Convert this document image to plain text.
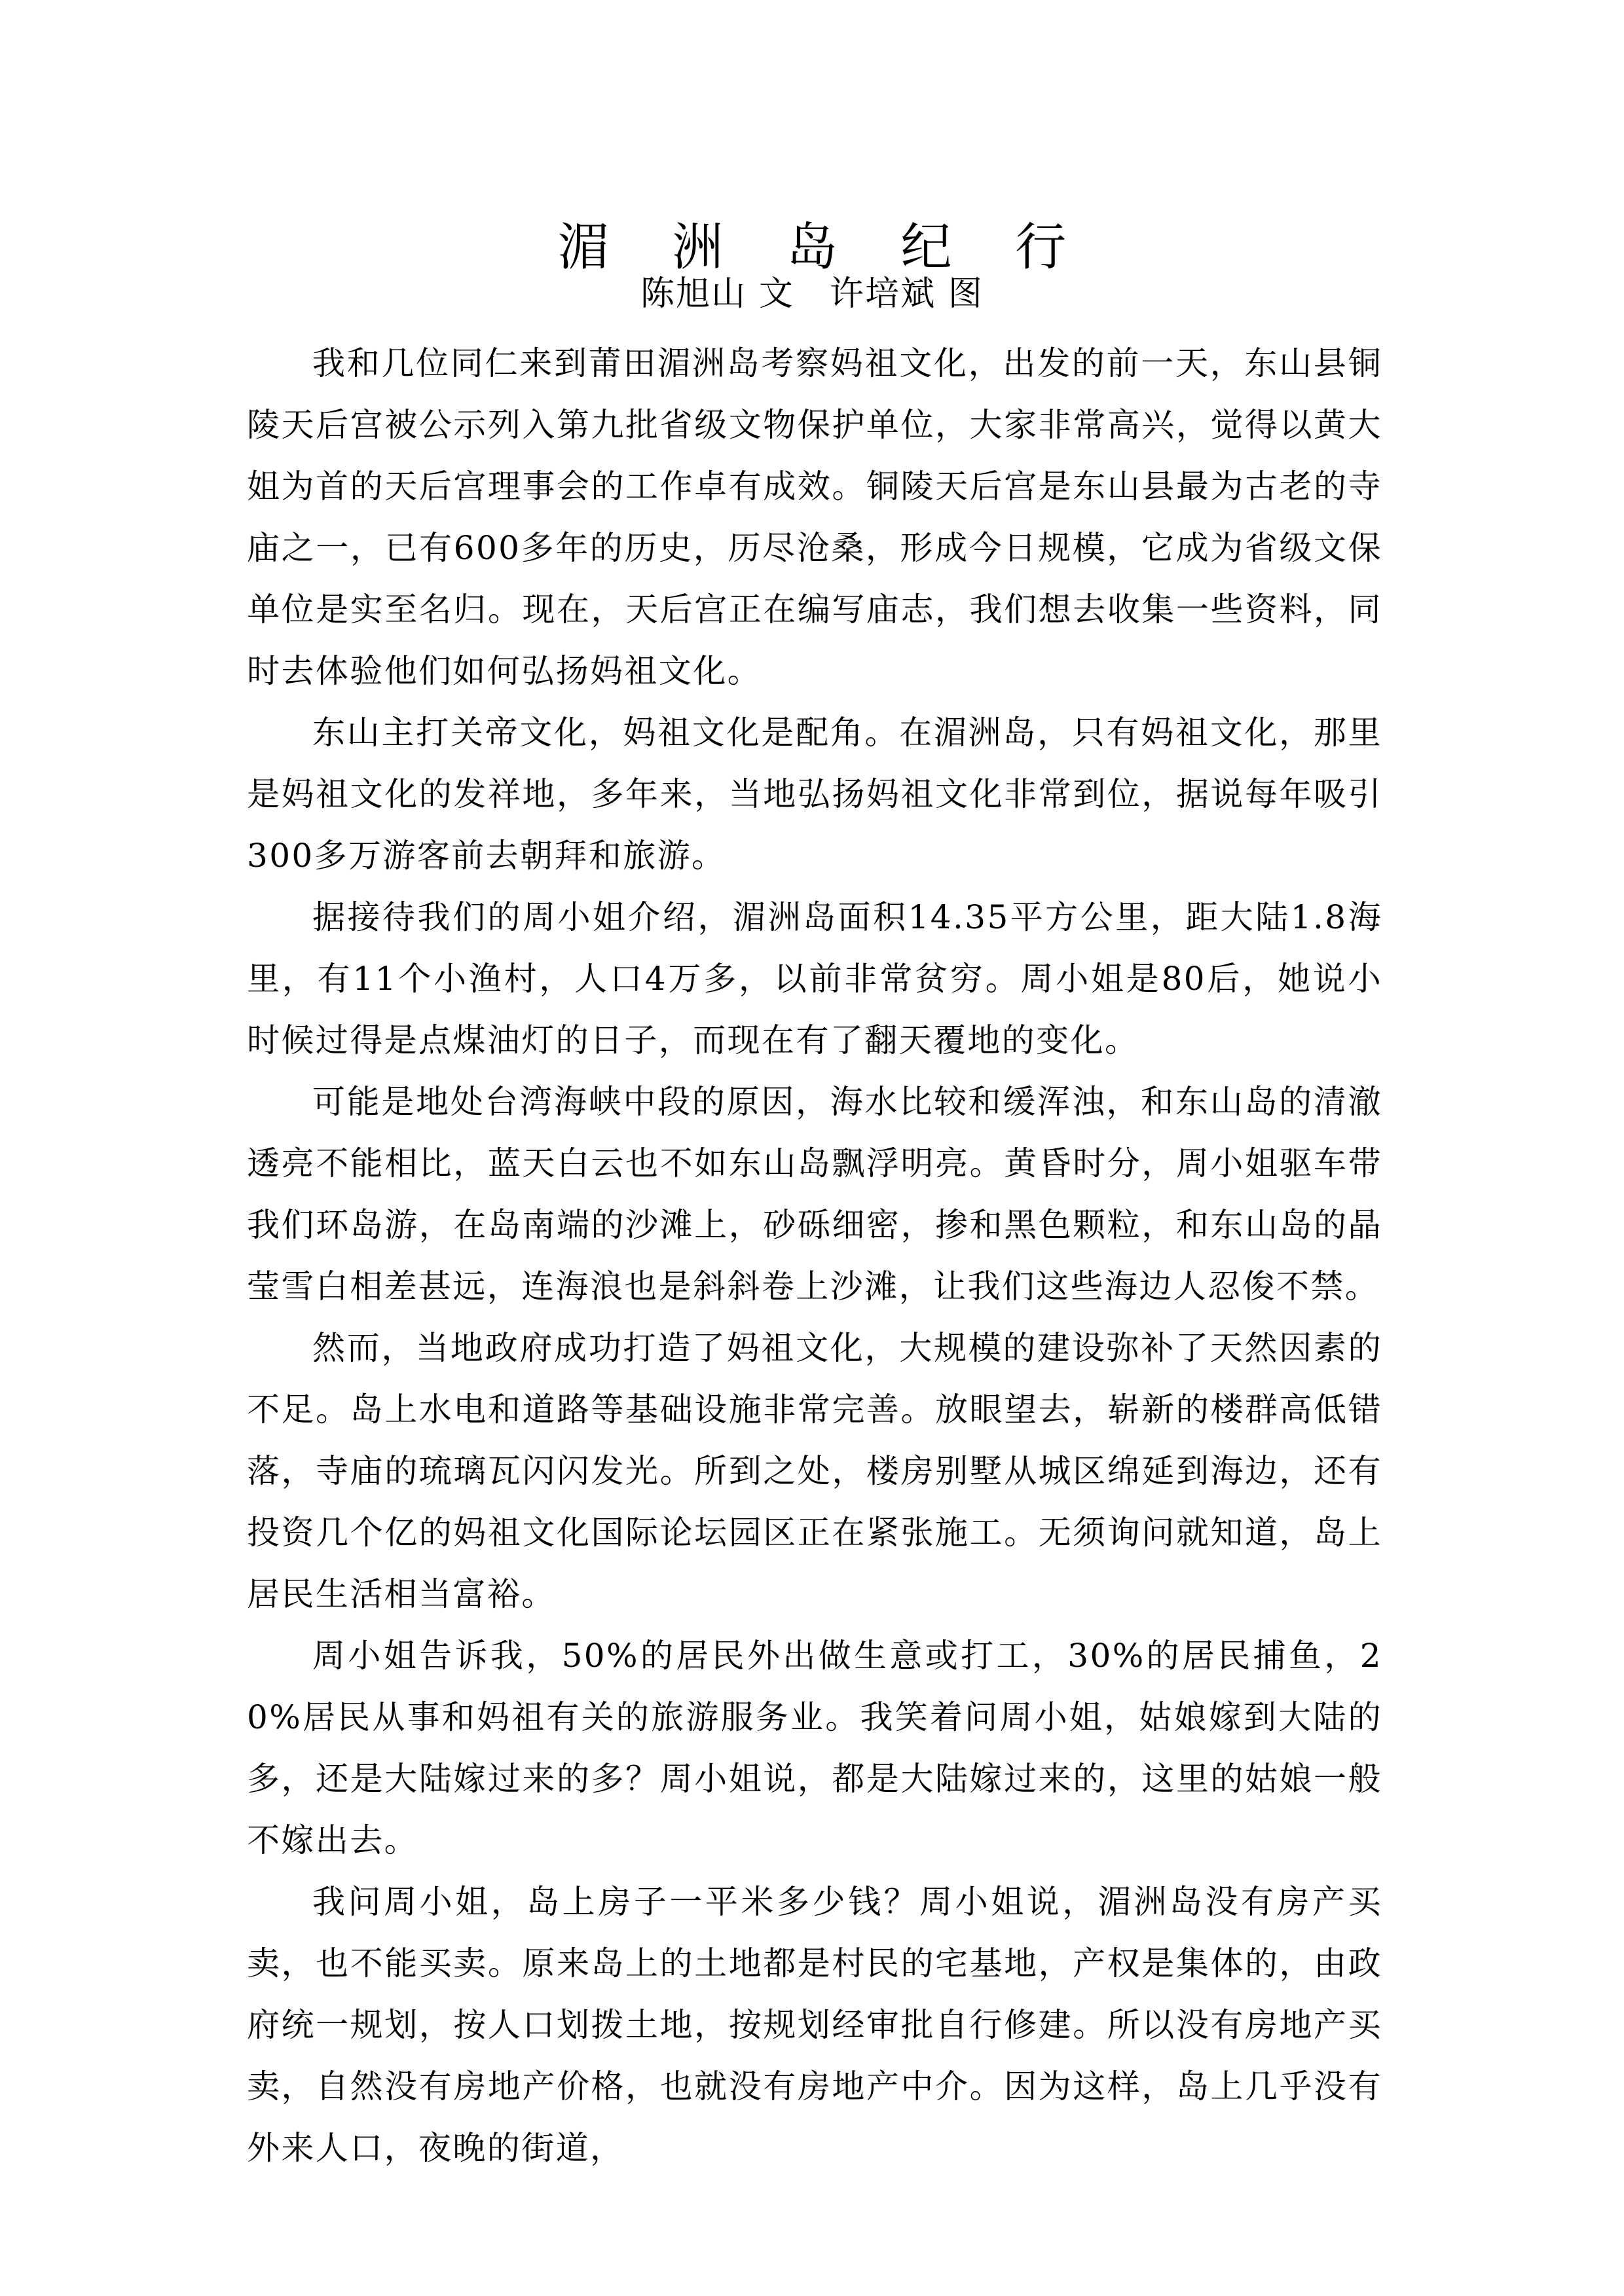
湄 洲 岛 纪 行
陈旭山 文　许培斌 图

我和几位同仁来到莆田湄洲岛考察妈祖文化，出发的前一天，东山县铜陵天后宫被公示列入第九批省级文物保护单位，大家非常高兴，觉得以黄大姐为首的天后宫理事会的工作卓有成效。铜陵天后宫是东山县最为古老的寺庙之一，已有600多年的历史，历尽沧桑，形成今日规模，它成为省级文保单位是实至名归。现在，天后宫正在编写庙志，我们想去收集一些资料，同时去体验他们如何弘扬妈祖文化。

东山主打关帝文化，妈祖文化是配角。在湄洲岛，只有妈祖文化，那里是妈祖文化的发祥地，多年来，当地弘扬妈祖文化非常到位，据说每年吸引300多万游客前去朝拜和旅游。

据接待我们的周小姐介绍，湄洲岛面积14.35平方公里，距大陆1.8海里，有11个小渔村，人口4万多，以前非常贫穷。周小姐是80后，她说小时候过得是点煤油灯的日子，而现在有了翻天覆地的变化。

可能是地处台湾海峡中段的原因，海水比较和缓浑浊，和东山岛的清澈透亮不能相比，蓝天白云也不如东山岛飘浮明亮。黄昏时分，周小姐驱车带我们环岛游，在岛南端的沙滩上，砂砾细密，掺和黑色颗粒，和东山岛的晶莹雪白相差甚远，连海浪也是斜斜卷上沙滩，让我们这些海边人忍俊不禁。

然而，当地政府成功打造了妈祖文化，大规模的建设弥补了天然因素的不足。岛上水电和道路等基础设施非常完善。放眼望去，崭新的楼群高低错落，寺庙的琉璃瓦闪闪发光。所到之处，楼房别墅从城区绵延到海边，还有投资几个亿的妈祖文化国际论坛园区正在紧张施工。无须询问就知道，岛上居民生活相当富裕。

周小姐告诉我，50%的居民外出做生意或打工，30%的居民捕鱼，20%居民从事和妈祖有关的旅游服务业。我笑着问周小姐，姑娘嫁到大陆的多，还是大陆嫁过来的多？周小姐说，都是大陆嫁过来的，这里的姑娘一般不嫁出去。

我问周小姐，岛上房子一平米多少钱？周小姐说，湄洲岛没有房产买卖，也不能买卖。原来岛上的土地都是村民的宅基地，产权是集体的，由政府统一规划，按人口划拨土地，按规划经审批自行修建。所以没有房地产买卖，自然没有房地产价格，也就没有房地产中介。因为这样，岛上几乎没有外来人口，夜晚的街道，
